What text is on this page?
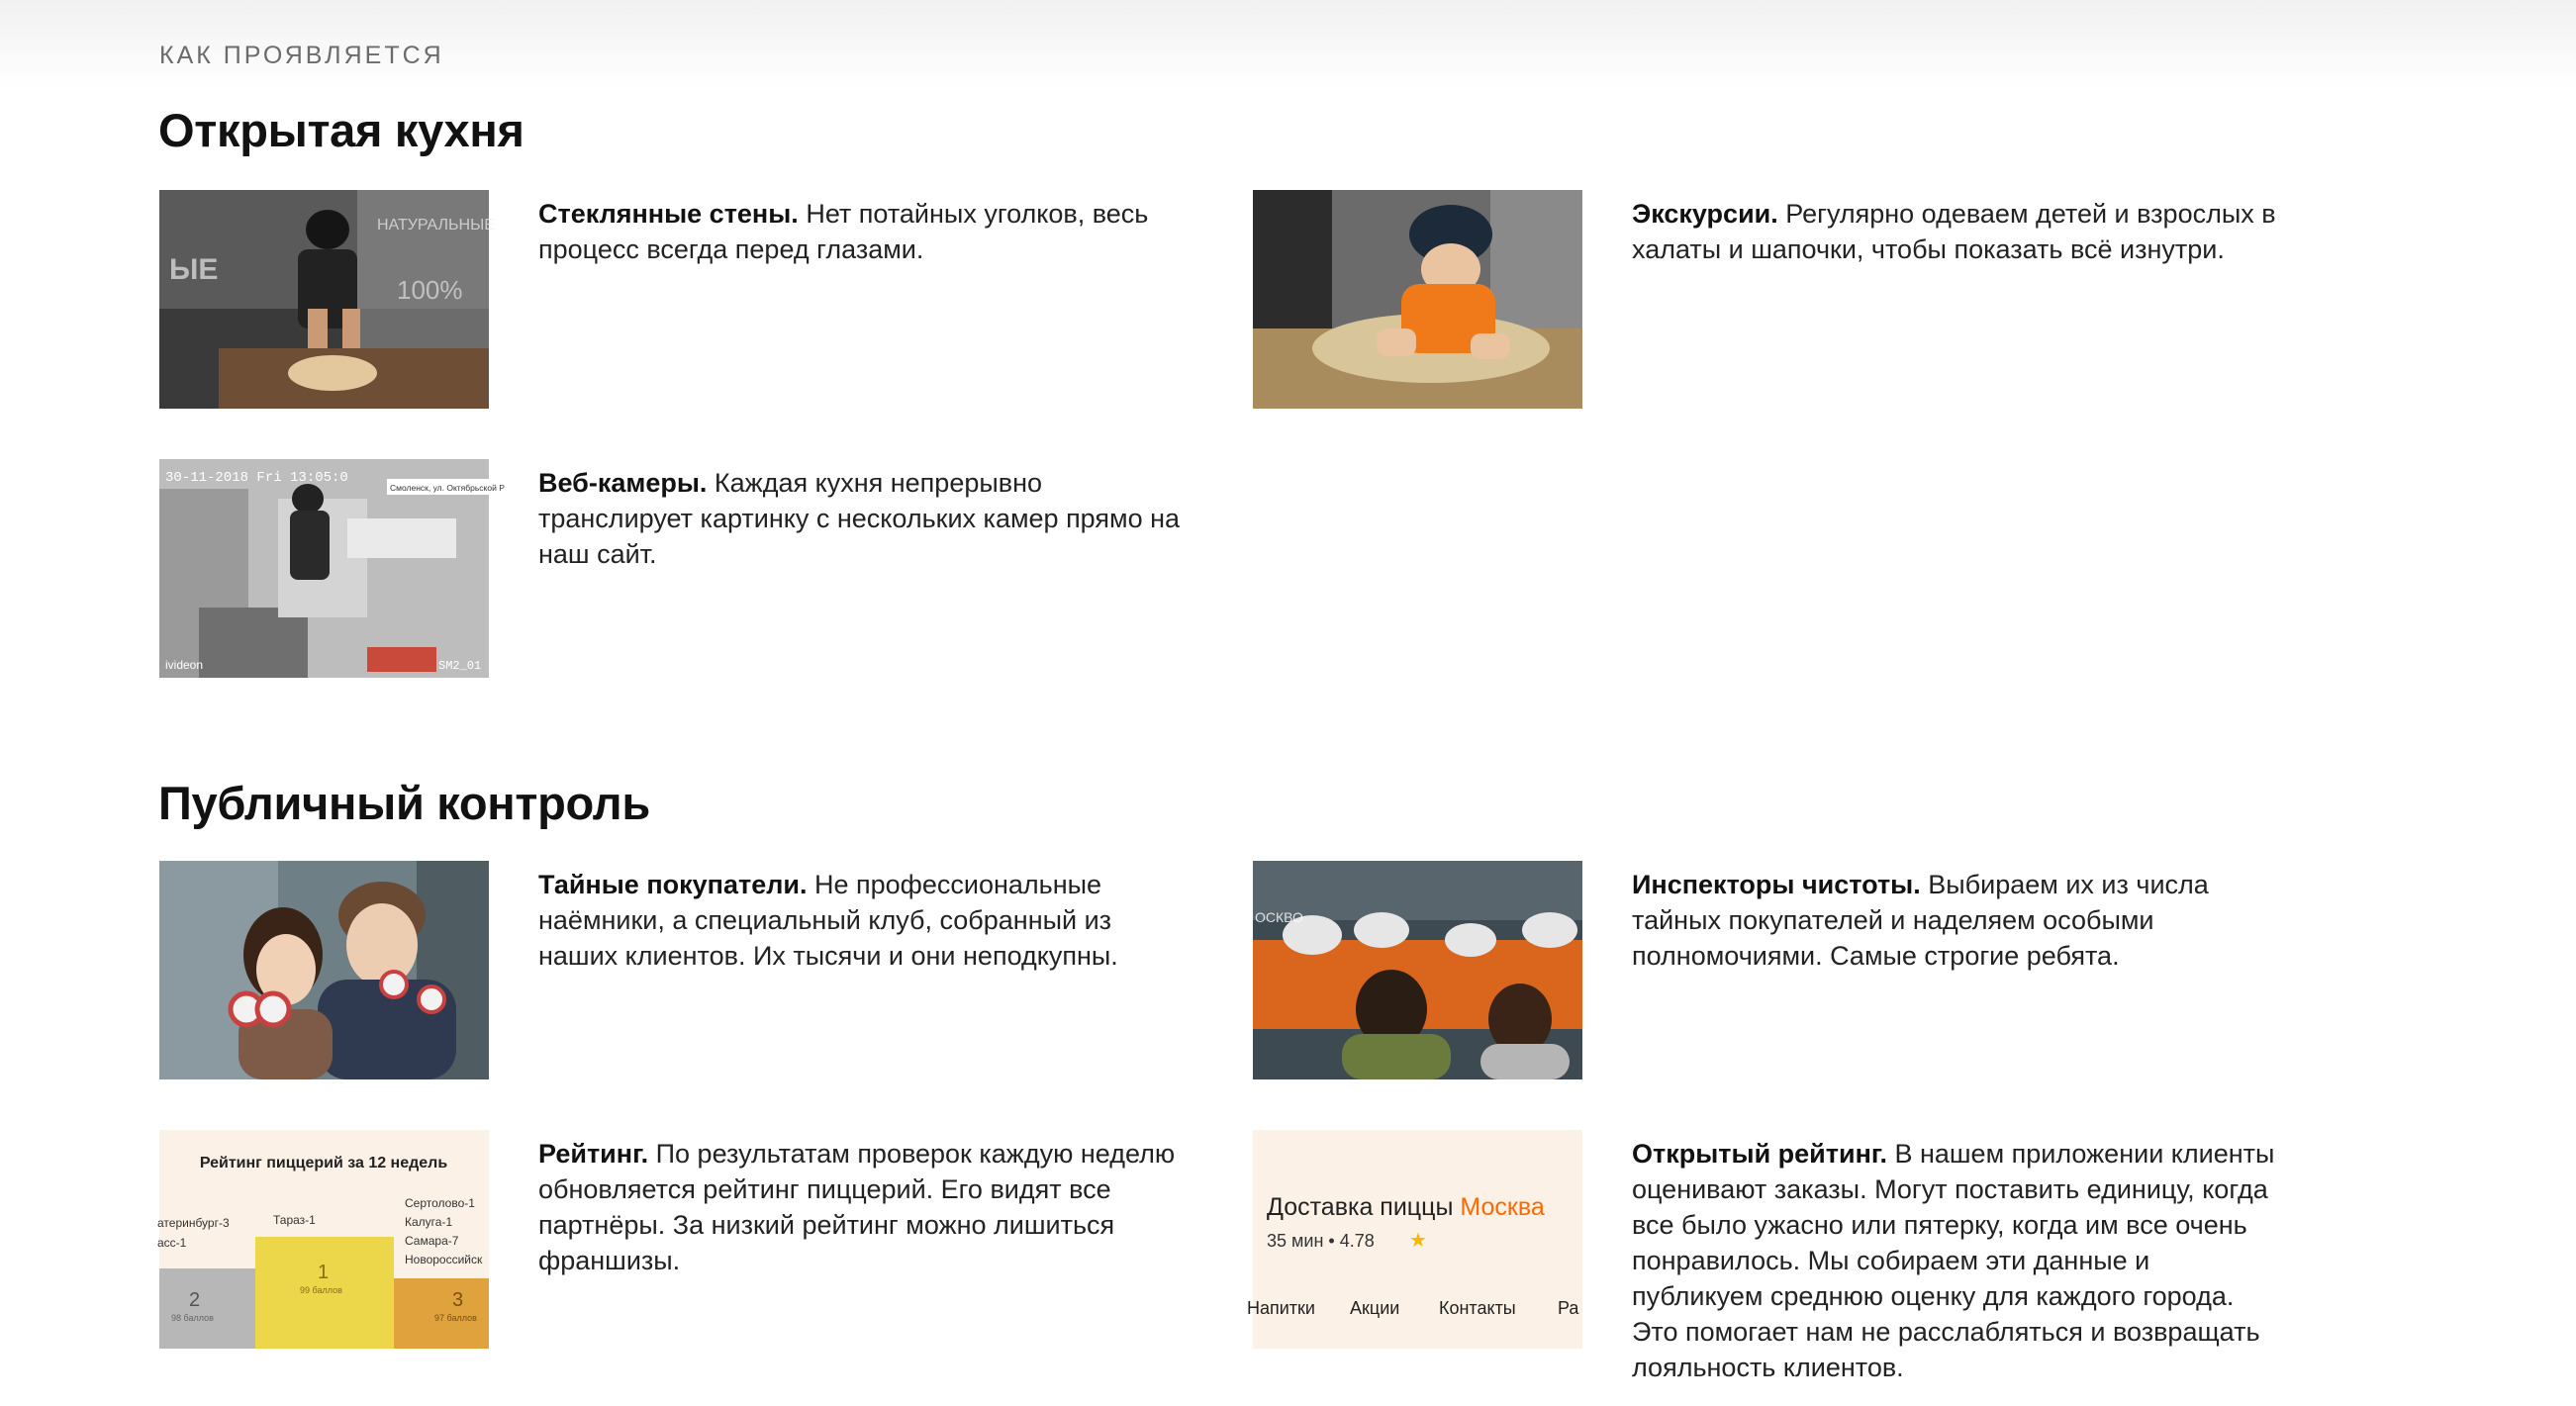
КАК ПРОЯВЛЯЕТСЯ
Открытая кухня
ЫЕ
НАТУРАЛЬНЫЕ
100%
Стеклянные стены. Нет потайных уголков, весь процесс всегда перед глазами.
Экскурсии. Регулярно одеваем детей и взрослых в халаты и шапочки, чтобы показать всё изнутри.
Смоленск, ул. Октябрьской Р
30-11-2018 Fri 13:05:0
ivideon	SM2_01
Веб-камеры. Каждая кухня непрерывно транслирует картинку с нескольких камер прямо на наш сайт.
Публичный контроль
Тайные покупатели. Не профессиональные наёмники, а специальный клуб, собранный из наших клиентов. Их тысячи и они неподкупны.
ОСКВО
Инспекторы чистоты. Выбираем их из числа тайных покупателей и наделяем особыми полномочиями. Самые строгие ребята.
Рейтинг пиццерий за 12 недель
атеринбург-3
асс-1
Тараз-1
Сертолово-1
Калуга-1
Самара-7
Новороссийск
2
98 баллов
1
99 баллов	3
97 баллов
Рейтинг. По результатам проверок каждую неделю обновляется рейтинг пиццерий. Его видят все партнёры. За низкий рейтинг можно лишиться франшизы.
Доставка пиццы Москва
35 мин • 4.78 ★
Напитки Акции Контакты Ра
Открытый рейтинг. В нашем приложении клиенты оценивают заказы. Могут поставить единицу, когда все было ужасно или пятерку, когда им все очень понравилось. Мы собираем эти данные и публикуем среднюю оценку для каждого города. Это помогает нам не расслабляться и возвращать лояльность клиентов.
